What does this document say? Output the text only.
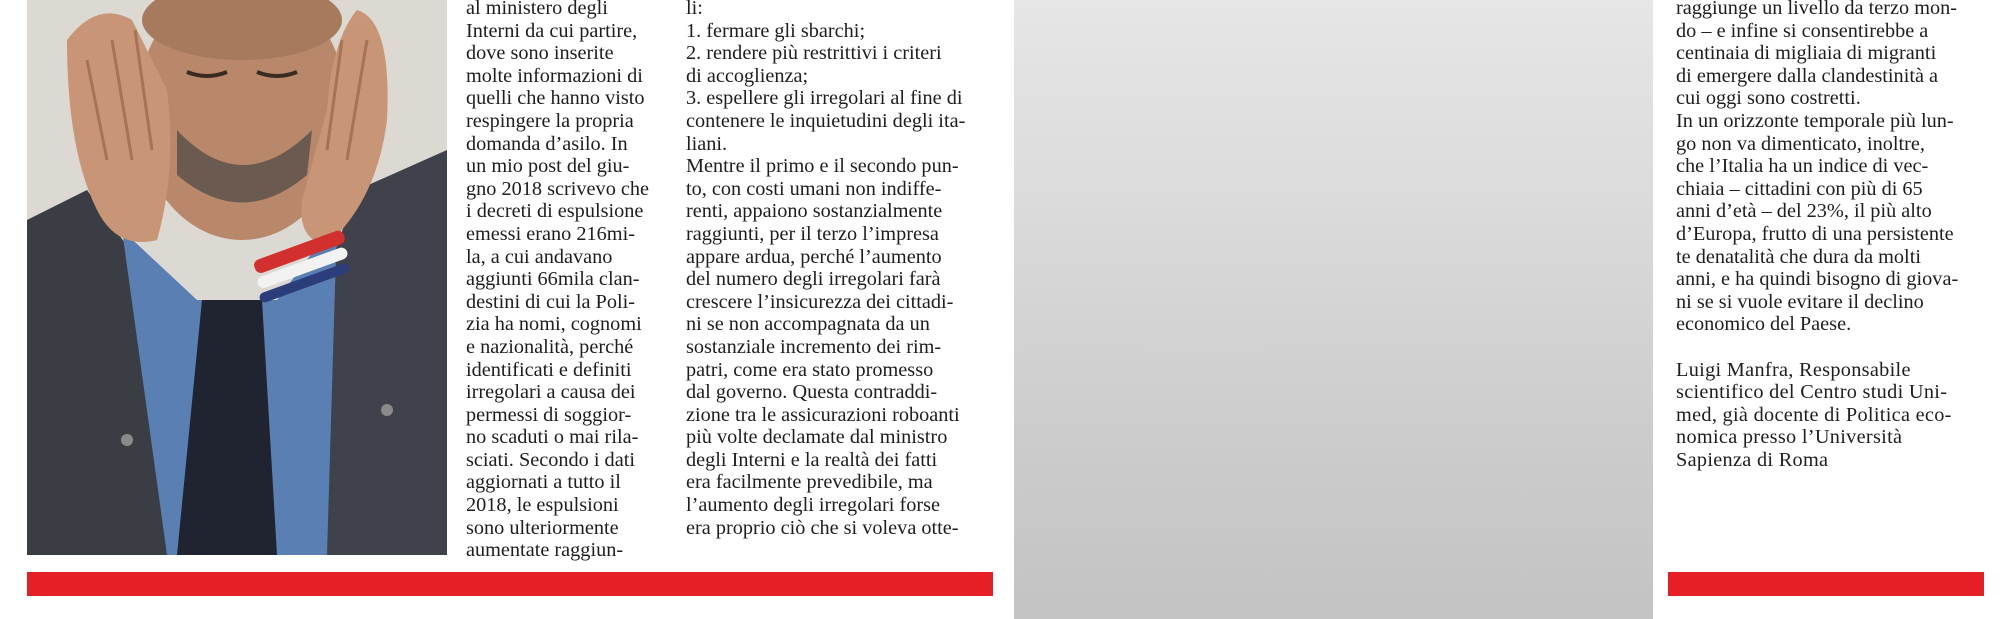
al ministero degli

Interni da cui partire,

dove sono inserite

molte informazioni di

quelli che hanno visto

respingere la propria

domanda d’asilo. In

un mio post del giu-

gno 2018 scrivevo che

i decreti di espulsione

emessi erano 216mi-

la, a cui andavano

aggiunti 66mila clan-

destini di cui la Poli-

zia ha nomi, cognomi

e nazionalità, perché

identificati e definiti

irregolari a causa dei

permessi di soggior-

no scaduti o mai rila-

sciati. Secondo i dati

aggiornati a tutto il

2018, le espulsioni

sono ulteriormente

aumentate raggiun-

li:

1. fermare gli sbarchi;

2. rendere più restrittivi i criteri

di accoglienza;

3. espellere gli irregolari al fine di

contenere le inquietudini degli ita-

liani.

Mentre il primo e il secondo pun-

to, con costi umani non indiffe-

renti, appaiono sostanzialmente

raggiunti, per il terzo l’impresa

appare ardua, perché l’aumento

del numero degli irregolari farà

crescere l’insicurezza dei cittadi-

ni se non accompagnata da un

sostanziale incremento dei rim-

patri, come era stato promesso

dal governo. Questa contraddi-

zione tra le assicurazioni roboanti

più volte declamate dal ministro

degli Interni e la realtà dei fatti

era facilmente prevedibile, ma

l’aumento degli irregolari forse

era proprio ciò che si voleva otte-

raggiunge un livello da terzo mon-

do – e infine si consentirebbe a

centinaia di migliaia di migranti

di emergere dalla clandestinità a

cui oggi sono costretti.

In un orizzonte temporale più lun-

go non va dimenticato, inoltre,

che l’Italia ha un indice di vec-

chiaia – cittadini con più di 65

anni d’età – del 23%, il più alto

d’Europa, frutto di una persistente

te denatalità che dura da molti

anni, e ha quindi bisogno di giova-

ni se si vuole evitare il declino

economico del Paese.

Luigi Manfra, Responsabile

scientifico del Centro studi Uni-

med, già docente di Politica eco-

nomica presso l’Università

Sapienza di Roma
